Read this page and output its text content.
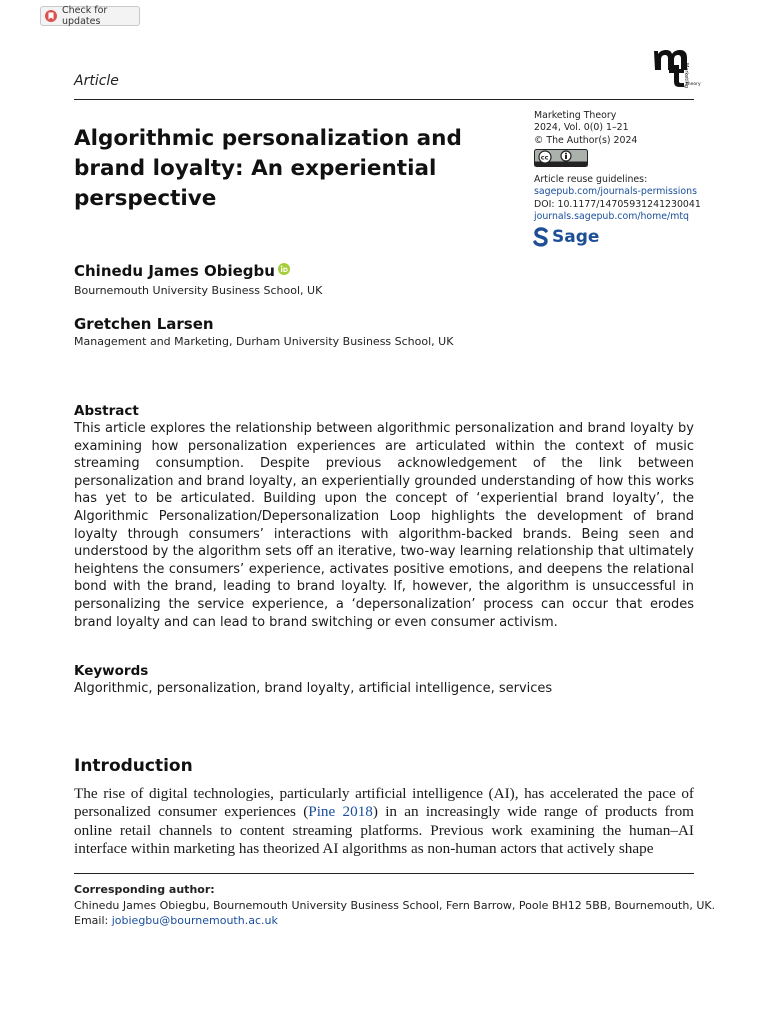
Check for updates
Article	Marketing
theory
Algorithmic personalization and brand loyalty: An experiential perspective
Marketing Theory
2024, Vol. 0(0) 1–21
© The Author(s) 2024
cc
Article reuse guidelines:
sagepub.com/journals-permissions
DOI: 10.1177/14705931241230041
journals.sagepub.com/home/mtq
Sage
Chinedu James Obiegbu
Bournemouth University Business School, UK
Gretchen Larsen
Management and Marketing, Durham University Business School, UK
Abstract

This article explores the relationship between algorithmic personalization and brand loyalty by examining how personalization experiences are articulated within the context of music streaming consumption. Despite previous acknowledgement of the link between personalization and brand loyalty, an experientially grounded understanding of how this works has yet to be articulated. Building upon the concept of ‘experiential brand loyalty’, the Algorithmic Personalization/Depersonalization Loop highlights the development of brand loyalty through consumers’ interactions with algorithm-backed brands. Being seen and understood by the algorithm sets off an iterative, two-way learning relationship that ultimately heightens the consumers’ experience, activates positive emotions, and deepens the relational bond with the brand, leading to brand loyalty. If, however, the algorithm is unsuccessful in personalizing the service experience, a ‘depersonalization’ process can occur that erodes brand loyalty and can lead to brand switching or even consumer activism.

Keywords
Algorithmic, personalization, brand loyalty, artificial intelligence, services
Introduction

The rise of digital technologies, particularly artificial intelligence (AI), has accelerated the pace of personalized consumer experiences (Pine 2018) in an increasingly wide range of products from online retail channels to content streaming platforms. Previous work examining the human–AI interface within marketing has theorized AI algorithms as non-human actors that actively shape

Corresponding author:
Chinedu James Obiegbu, Bournemouth University Business School, Fern Barrow, Poole BH12 5BB, Bournemouth, UK.
Email: jobiegbu@bournemouth.ac.uk
